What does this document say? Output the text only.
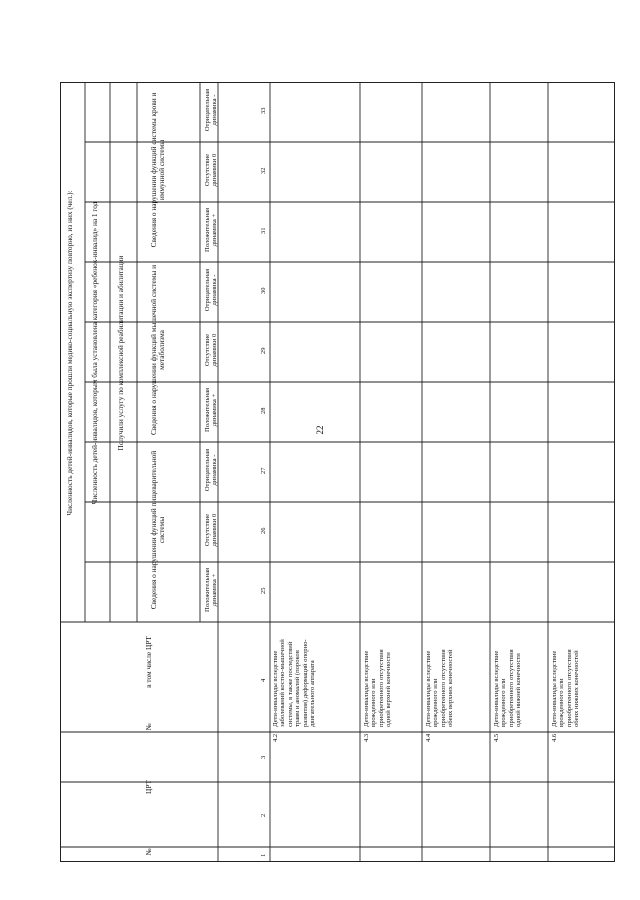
22
Численность детей-инвалидов, которые прошли медико-социальную экспертизу повторно, из них (чел.): Численность детей-инвалидов, которым была установлена категория «ребенок-инвалид» на 1 год Получили услугу по комплексной реабилитации и абилитации
Сведения о нарушении функций пищеварительной системы
Сведения о нарушении функций мышечной системы и метаболизма
Сведения о нарушении функций системы крови и иммунной системы
Положительная динамика +
Отсутствие динамики 0
Отрицательная динамика -
Положительная динамика +
Отсутствие динамики 0
Отрицательная динамика -
Положительная динамика +
Отсутствие динамики 0
Отрицательная динамика -
№
ЦРТ
№
в том числе ЦРТ
1
2
3
4
25
26
27
28
29
30
31
32
33
4.2
Дети-инвалиды вследствие заболеваний костно-мышечной системы, в также последствий травм и аномалий (пороков развития) деформаций опорно-двигательного аппарата
4.3
Дети-инвалиды вследствие врожденного или приобретенного отсутствия одной верхней конечности
4.4
Дети-инвалиды вследствие врожденного или приобретенного отсутствия обеих верхних конечностей
4.5
Дети-инвалиды вследствие врожденного или приобретенного отсутствия одной нижней конечности
4.6
Дети-инвалиды вследствие врожденного или приобретенного отсутствия обеих нижних конечностей
